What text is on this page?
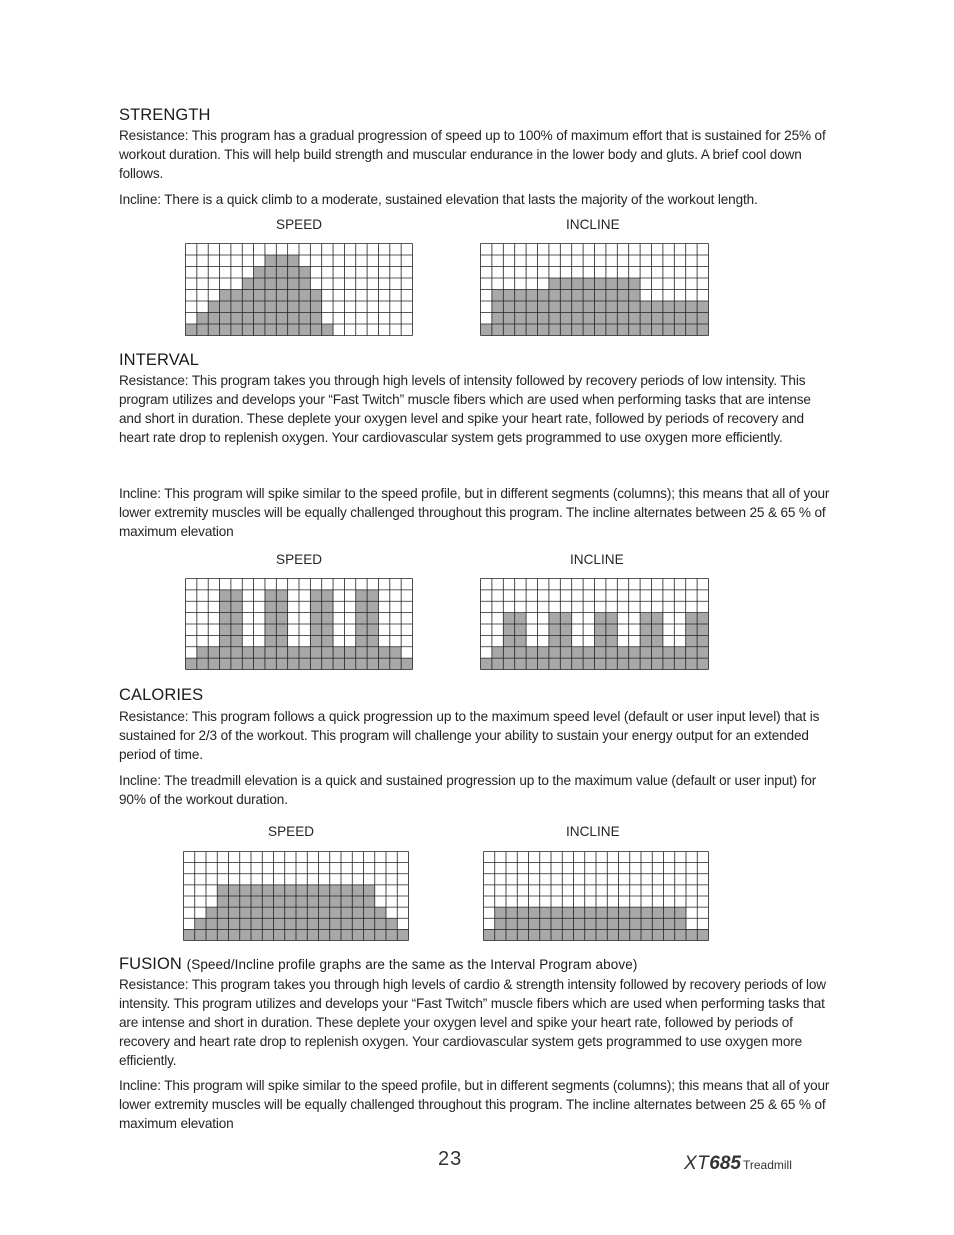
STRENGTH

Resistance: This program has a gradual progression of speed up to 100% of maximum effort that is sustained for 25% of workout duration. This will help build strength and muscular endurance in the lower body and gluts. A brief cool down follows.

Incline: There is a quick climb to a moderate, sustained elevation that lasts the majority of the workout length.

SPEED	INCLINE
INTERVAL

Resistance: This program takes you through high levels of intensity followed by recovery periods of low intensity. This program utilizes and develops your “Fast Twitch” muscle fibers which are used when performing tasks that are intense and short in duration. These deplete your oxygen level and spike your heart rate, followed by periods of recovery and heart rate drop to replenish oxygen. Your cardiovascular system gets programmed to use oxygen more efficiently.

Incline: This program will spike similar to the speed profile, but in different segments (columns); this means that all of your lower extremity muscles will be equally challenged throughout this program. The incline alternates between 25 & 65 % of maximum elevation

SPEED	INCLINE
CALORIES

Resistance: This program follows a quick progression up to the maximum speed level (default or user input level) that is sustained for 2/3 of the workout. This program will challenge your ability to sustain your energy output for an extended period of time.

Incline: The treadmill elevation is a quick and sustained progression up to the maximum value (default or user input) for 90% of the workout duration.

SPEED	INCLINE
FUSION (Speed/Incline profile graphs are the same as the Interval Program above)

Resistance: This program takes you through high levels of cardio & strength intensity followed by recovery periods of low intensity. This program utilizes and develops your “Fast Twitch” muscle fibers which are used when performing tasks that are intense and short in duration. These deplete your oxygen level and spike your heart rate, followed by periods of recovery and heart rate drop to replenish oxygen. Your cardiovascular system gets programmed to use oxygen more efficiently.

Incline: This program will spike similar to the speed profile, but in different segments (columns); this means that all of your lower extremity muscles will be equally challenged throughout this program. The incline alternates between 25 & 65 % of maximum elevation

23	XT685 Treadmill
